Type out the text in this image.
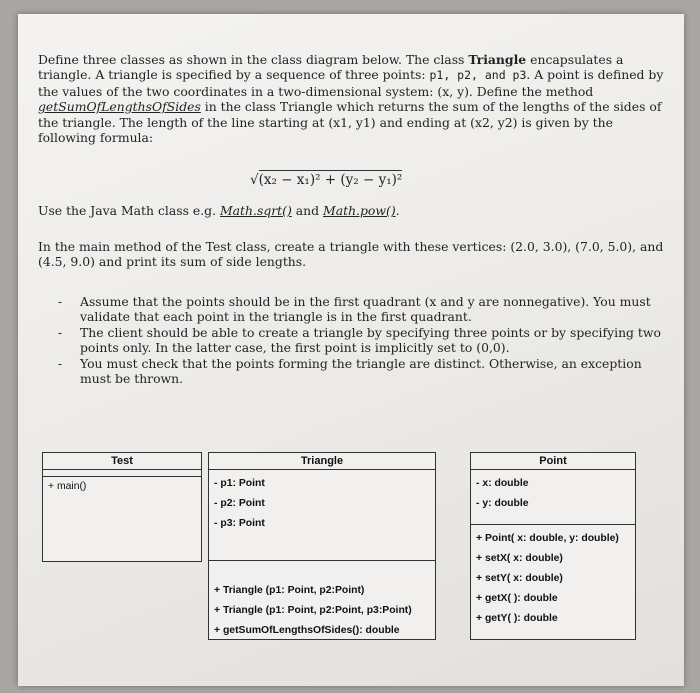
Define three classes as shown in the class diagram below. The class Triangle encapsulates a
triangle. A triangle is specified by a sequence of three points: p1, p2, and p3. A point is defined by
the values of the two coordinates in a two-dimensional system: (x, y). Define the method
getSumOfLengthsOfSides in the class Triangle which returns the sum of the lengths of the sides of
the triangle. The length of the line starting at (x1, y1) and ending at (x2, y2) is given by the
following formula:
√(x₂ − x₁)² + (y₂ − y₁)²
Use the Java Math class e.g. Math.sqrt() and Math.pow().
In the main method of the Test class, create a triangle with these vertices: (2.0, 3.0), (7.0, 5.0), and
(4.5, 9.0) and print its sum of side lengths.
- Assume that the points should be in the first quadrant (x and y are nonnegative). You must
validate that each point in the triangle is in the first quadrant.
- The client should be able to create a triangle by specifying three points or by specifying two
points only. In the latter case, the first point is implicitly set to (0,0).
- You must check that the points forming the triangle are distinct. Otherwise, an exception
must be thrown.
Test
+ main()
Triangle
- p1: Point
- p2: Point
- p3: Point
+ Triangle (p1: Point, p2:Point)
+ Triangle (p1: Point, p2:Point, p3:Point)
+ getSumOfLengthsOfSides(): double
Point
- x: double
- y: double
+ Point( x: double, y: double)
+ setX( x: double)
+ setY( x: double)
+ getX( ): double
+ getY( ): double
